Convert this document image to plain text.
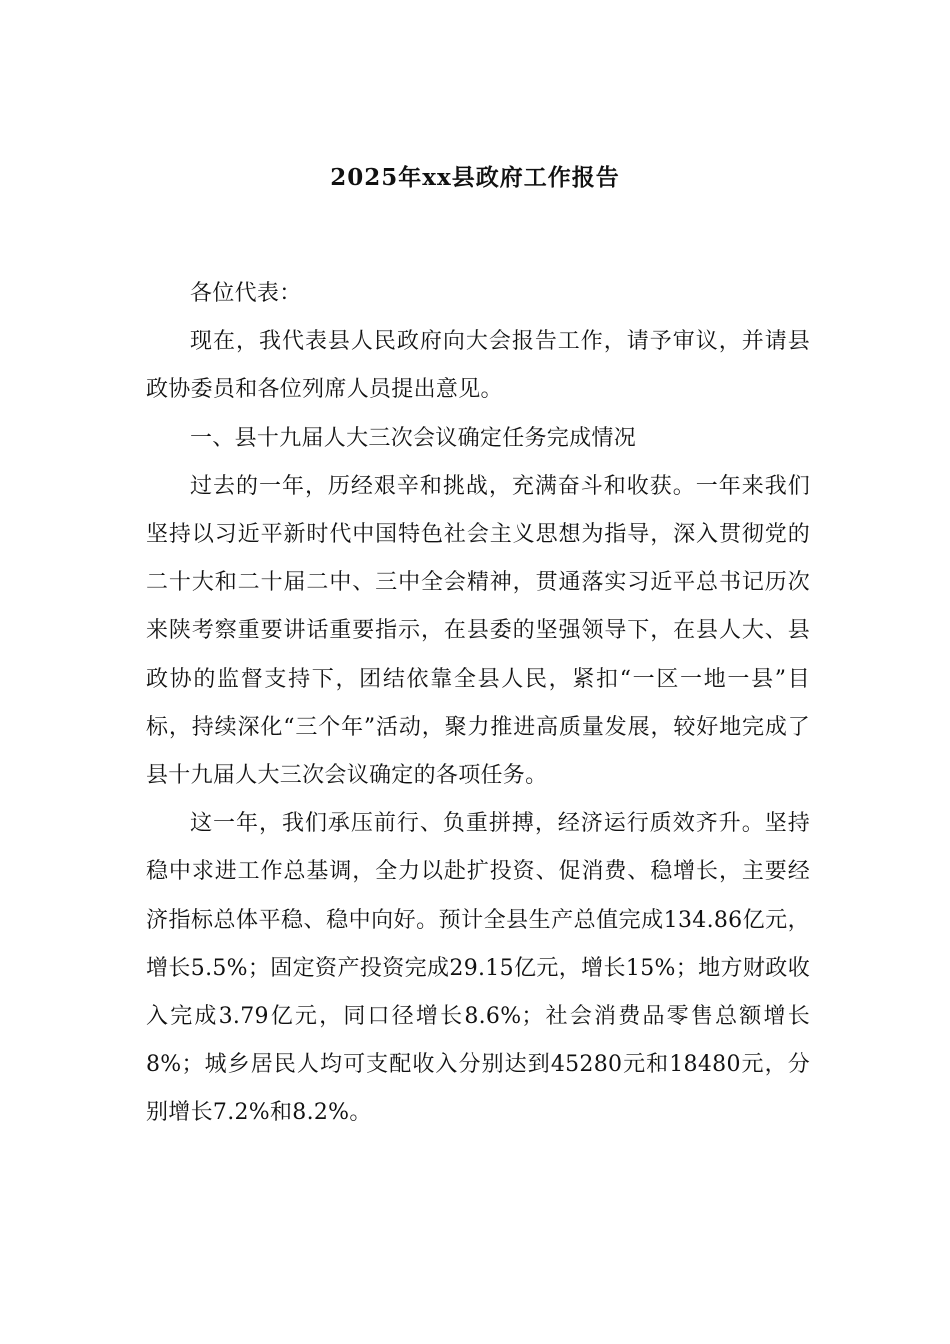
2025年xx县政府工作报告

各位代表：

现在，我代表县人民政府向大会报告工作，请予审议，并请县政协委员和各位列席人员提出意见。

一、县十九届人大三次会议确定任务完成情况

过去的一年，历经艰辛和挑战，充满奋斗和收获。一年来我们坚持以习近平新时代中国特色社会主义思想为指导，深入贯彻党的二十大和二十届二中、三中全会精神，贯通落实习近平总书记历次来陕考察重要讲话重要指示，在县委的坚强领导下，在县人大、县政协的监督支持下，团结依靠全县人民，紧扣“一区一地一县”目标，持续深化“三个年”活动，聚力推进高质量发展，较好地完成了县十九届人大三次会议确定的各项任务。

这一年，我们承压前行、负重拼搏，经济运行质效齐升。坚持稳中求进工作总基调，全力以赴扩投资、促消费、稳增长，主要经济指标总体平稳、稳中向好。预计全县生产总值完成134.86亿元，增长5.5%；固定资产投资完成29.15亿元，增长15%；地方财政收入完成3.79亿元，同口径增长8.6%；社会消费品零售总额增长8%；城乡居民人均可支配收入分别达到45280元和18480元，分别增长7.2%和8.2%。
